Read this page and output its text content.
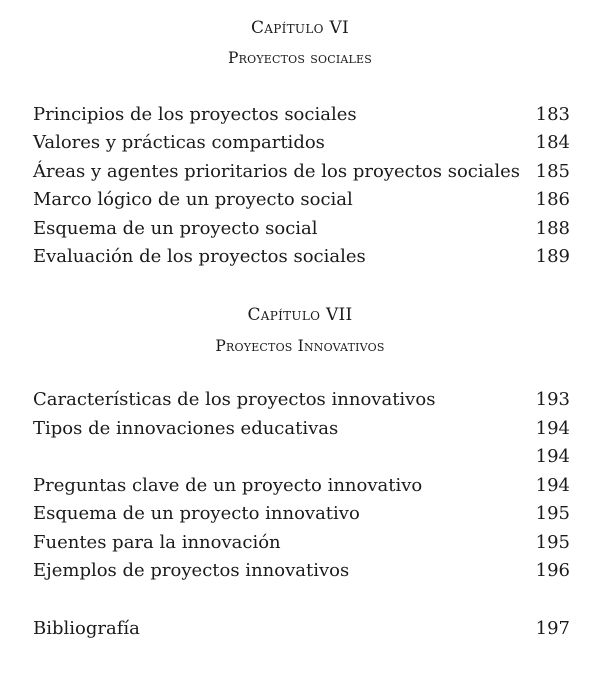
Capítulo VI
Proyectos sociales
Principios de los proyectos sociales	183
Valores y prácticas compartidos	184
Áreas y agentes prioritarios de los proyectos sociales 185
Marco lógico de un proyecto social	186
Esquema de un proyecto social	188
Evaluación de los proyectos sociales	189
Capítulo VII
Proyectos Innovativos
Características de los proyectos innovativos	193
Tipos de innovaciones educativas	194
194
Preguntas clave de un proyecto innovativo	194
Esquema de un proyecto innovativo	195
Fuentes para la innovación	195
Ejemplos de proyectos innovativos	196
Bibliografía	197
